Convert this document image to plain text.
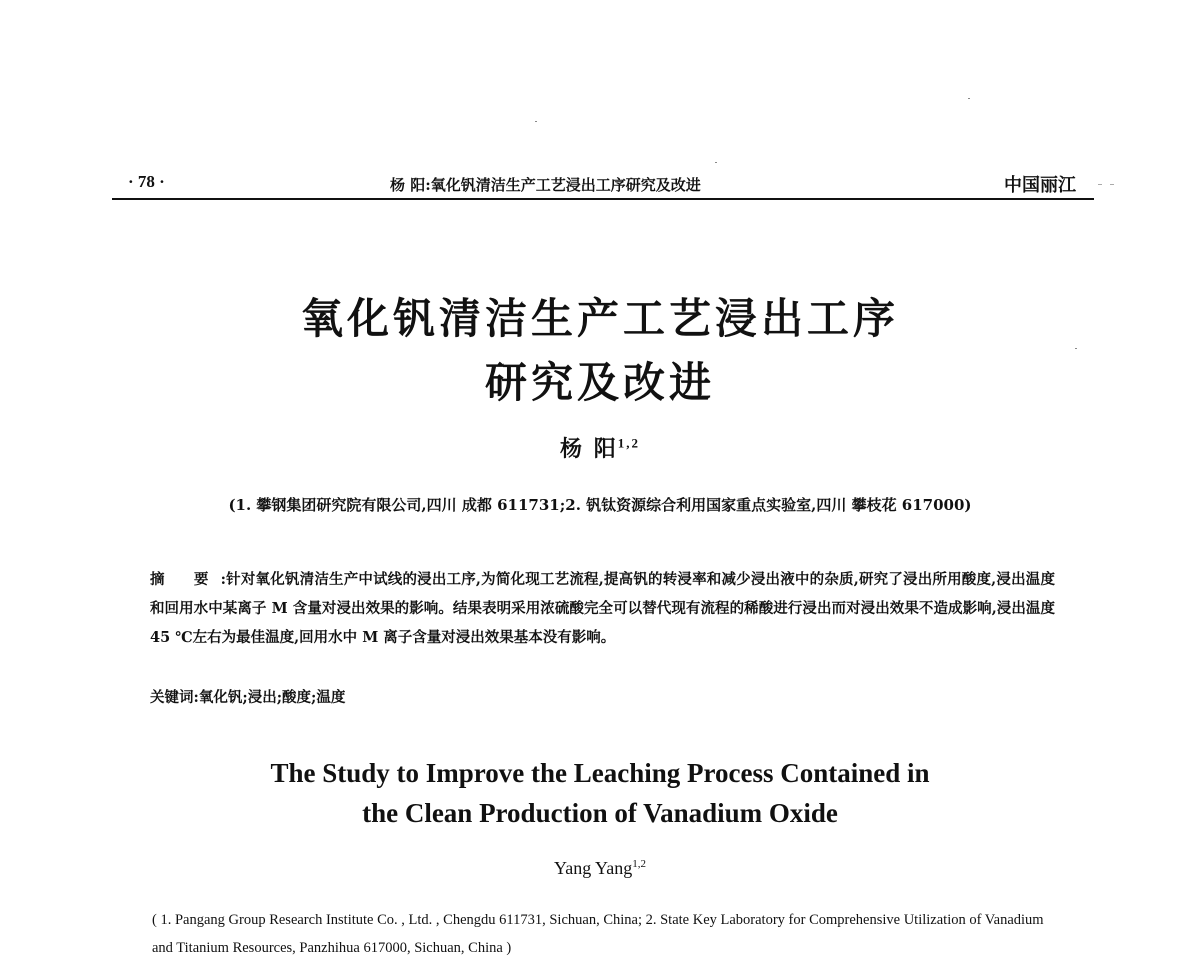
· 78 ·	杨 阳:氧化钒清洁生产工艺浸出工序研究及改进	中国丽江
氧化钒清洁生产工艺浸出工序
研究及改进
杨 阳$^{1,2}$
(1. 攀钢集团研究院有限公司,四川 成都 611731;2. 钒钛资源综合利用国家重点实验室,四川 攀枝花 617000)
摘 要:针对氧化钒清洁生产中试线的浸出工序,为简化现工艺流程,提高钒的转浸率和减少浸出液中的杂质,研究了浸出所用酸度,浸出温度和回用水中某离子 M 含量对浸出效果的影响。结果表明采用浓硫酸完全可以替代现有流程的稀酸进行浸出而对浸出效果不造成影响,浸出温度 45 ℃左右为最佳温度,回用水中 M 离子含量对浸出效果基本没有影响。
关键词:氧化钒;浸出;酸度;温度
The Study to Improve the Leaching Process Contained in
the Clean Production of Vanadium Oxide
Yang Yang$^{1,2}$
( 1. Pangang Group Research Institute Co. , Ltd. , Chengdu 611731, Sichuan, China; 2. State Key Laboratory for Comprehensive Utilization of Vanadium and Titanium Resources, Panzhihua 617000, Sichuan, China )
